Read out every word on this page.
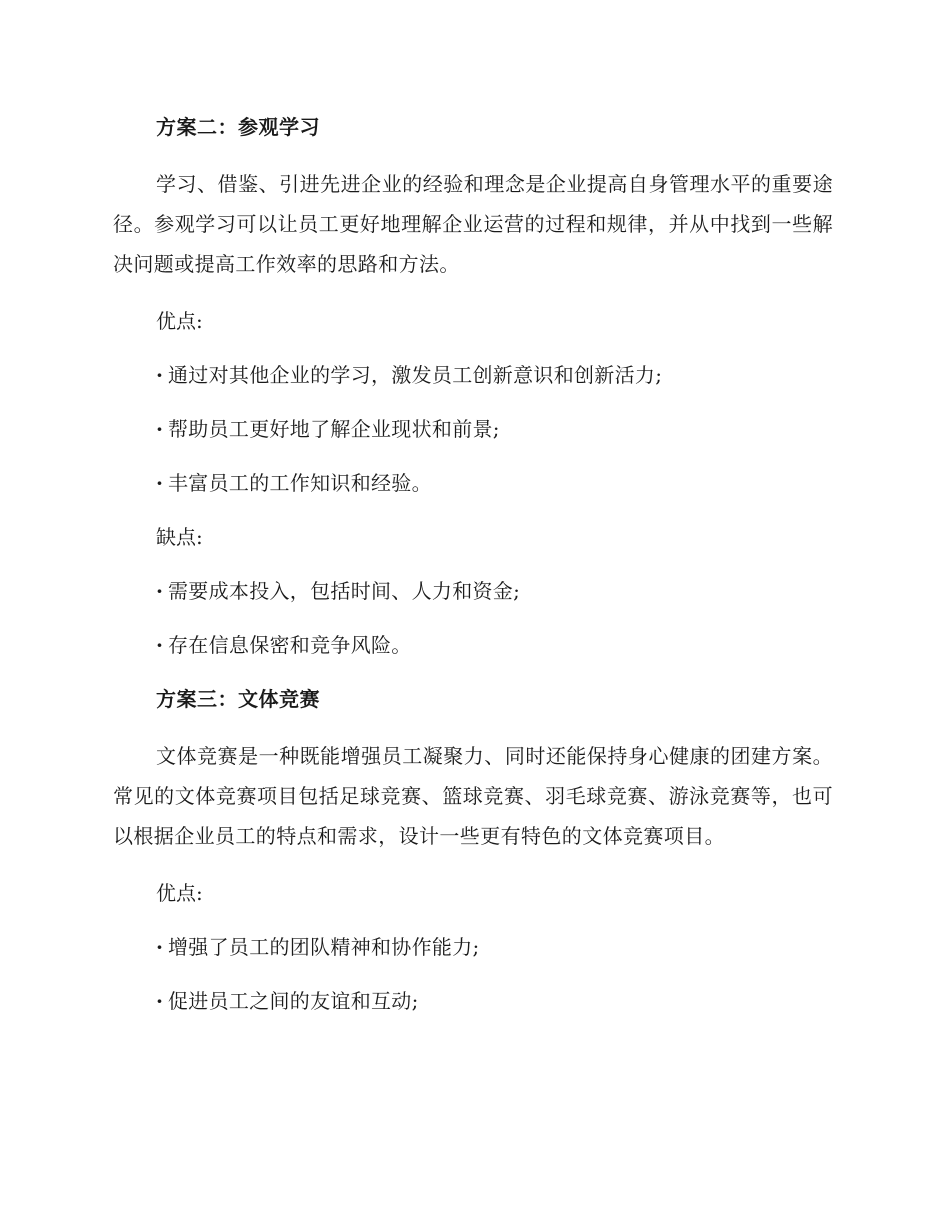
方案二：参观学习
学习、借鉴、引进先进企业的经验和理念是企业提高自身管理水平的重要途径。参观学习可以让员工更好地理解企业运营的过程和规律，并从中找到一些解决问题或提高工作效率的思路和方法。
优点:
· 通过对其他企业的学习，激发员工创新意识和创新活力;
· 帮助员工更好地了解企业现状和前景;
· 丰富员工的工作知识和经验。
缺点:
· 需要成本投入，包括时间、人力和资金;
· 存在信息保密和竞争风险。
方案三：文体竞赛
文体竞赛是一种既能增强员工凝聚力、同时还能保持身心健康的团建方案。常见的文体竞赛项目包括足球竞赛、篮球竞赛、羽毛球竞赛、游泳竞赛等，也可以根据企业员工的特点和需求，设计一些更有特色的文体竞赛项目。
优点:
· 增强了员工的团队精神和协作能力;
· 促进员工之间的友谊和互动;
